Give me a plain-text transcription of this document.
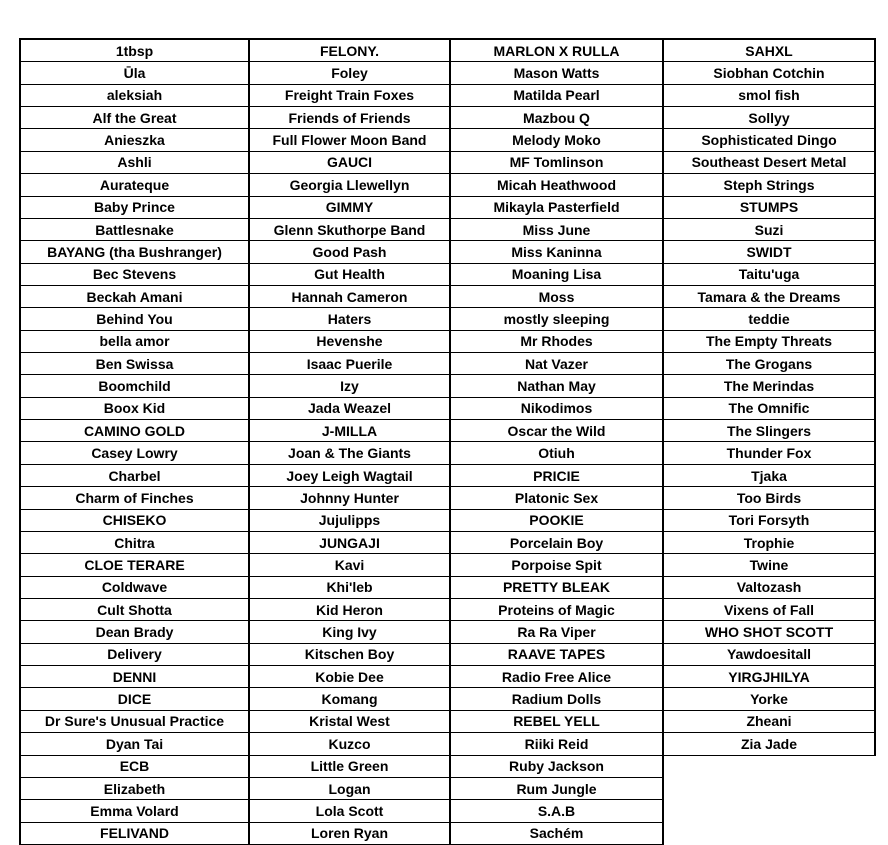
1tbsp	FELONY.	MARLON X RULLA	SAHXL
Ūla	Foley	Mason Watts	Siobhan Cotchin
aleksiah	Freight Train Foxes	Matilda Pearl	smol fish
Alf the Great	Friends of Friends	Mazbou Q	Sollyy
Anieszka	Full Flower Moon Band	Melody Moko	Sophisticated Dingo
Ashli	GAUCI	MF Tomlinson	Southeast Desert Metal
Aurateque	Georgia Llewellyn	Micah Heathwood	Steph Strings
Baby Prince	GIMMY	Mikayla Pasterfield	STUMPS
Battlesnake	Glenn Skuthorpe Band	Miss June	Suzi
BAYANG (tha Bushranger)	Good Pash	Miss Kaninna	SWIDT
Bec Stevens	Gut Health	Moaning Lisa	Taitu'uga
Beckah Amani	Hannah Cameron	Moss	Tamara & the Dreams
Behind You	Haters	mostly sleeping	teddie
bella amor	Hevenshe	Mr Rhodes	The Empty Threats
Ben Swissa	Isaac Puerile	Nat Vazer	The Grogans
Boomchild	Izy	Nathan May	The Merindas
Boox Kid	Jada Weazel	Nikodimos	The Omnific
CAMINO GOLD	J-MILLA	Oscar the Wild	The Slingers
Casey Lowry	Joan & The Giants	Otiuh	Thunder Fox
Charbel	Joey Leigh Wagtail	PRICIE	Tjaka
Charm of Finches	Johnny Hunter	Platonic Sex	Too Birds
CHISEKO	Jujulipps	POOKIE	Tori Forsyth
Chitra	JUNGAJI	Porcelain Boy	Trophie
CLOE TERARE	Kavi	Porpoise Spit	Twine
Coldwave	Khi'leb	PRETTY BLEAK	Valtozash
Cult Shotta	Kid Heron	Proteins of Magic	Vixens of Fall
Dean Brady	King Ivy	Ra Ra Viper	WHO SHOT SCOTT
Delivery	Kitschen Boy	RAAVE TAPES	Yawdoesitall
DENNI	Kobie Dee	Radio Free Alice	YIRGJHILYA
DICE	Komang	Radium Dolls	Yorke
Dr Sure's Unusual Practice	Kristal West	REBEL YELL	Zheani
Dyan Tai	Kuzco	Riiki Reid	Zia Jade
ECB	Little Green	Ruby Jackson	
Elizabeth	Logan	Rum Jungle	
Emma Volard	Lola Scott	S.A.B	
FELIVAND	Loren Ryan	Sachém	
